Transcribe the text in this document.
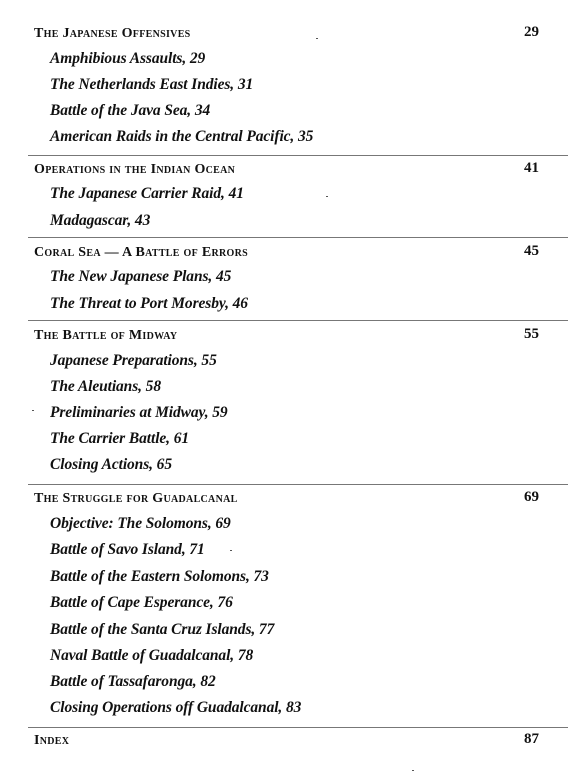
The Japanese Offensives	29
Amphibious Assaults, 29
The Netherlands East Indies, 31
Battle of the Java Sea, 34
American Raids in the Central Pacific, 35
Operations in the Indian Ocean	41
The Japanese Carrier Raid, 41
Madagascar, 43
Coral Sea — A Battle of Errors	45
The New Japanese Plans, 45
The Threat to Port Moresby, 46
The Battle of Midway	55
Japanese Preparations, 55
The Aleutians, 58
Preliminaries at Midway, 59
The Carrier Battle, 61
Closing Actions, 65
The Struggle for Guadalcanal	69
Objective: The Solomons, 69
Battle of Savo Island, 71
Battle of the Eastern Solomons, 73
Battle of Cape Esperance, 76
Battle of the Santa Cruz Islands, 77
Naval Battle of Guadalcanal, 78
Battle of Tassafaronga, 82
Closing Operations off Guadalcanal, 83
Index	87
